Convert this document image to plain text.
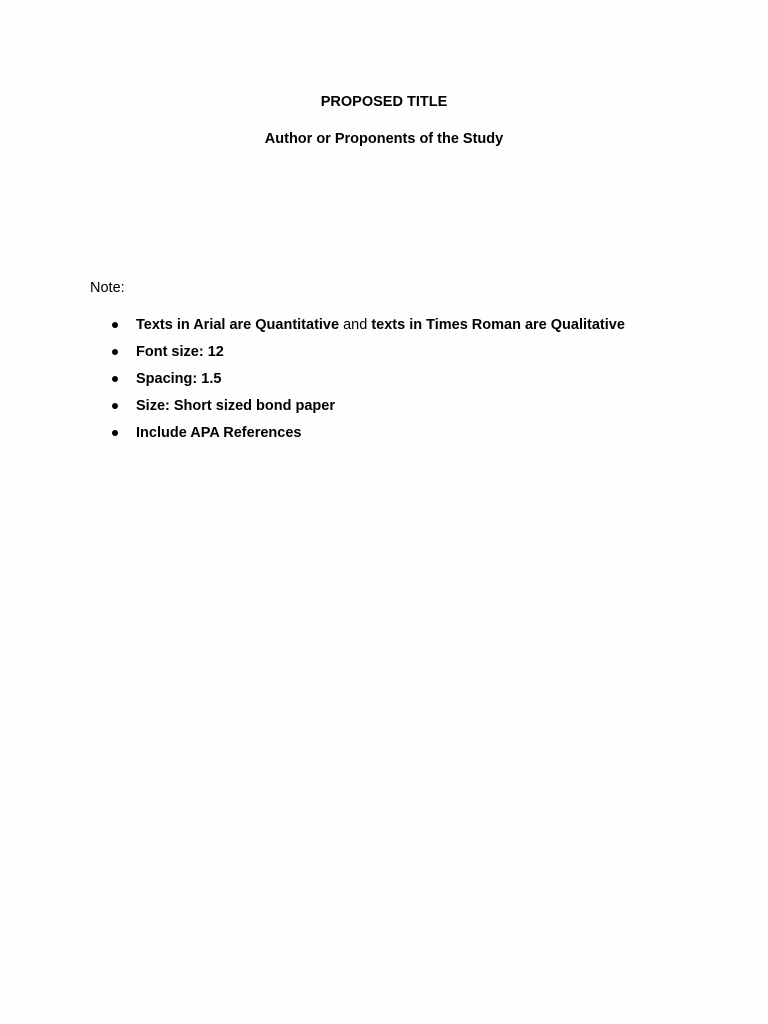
PROPOSED TITLE
Author or Proponents of the Study
Note:
Texts in Arial are Quantitative and texts in Times Roman are Qualitative
Font size: 12
Spacing: 1.5
Size: Short sized bond paper
Include APA References
